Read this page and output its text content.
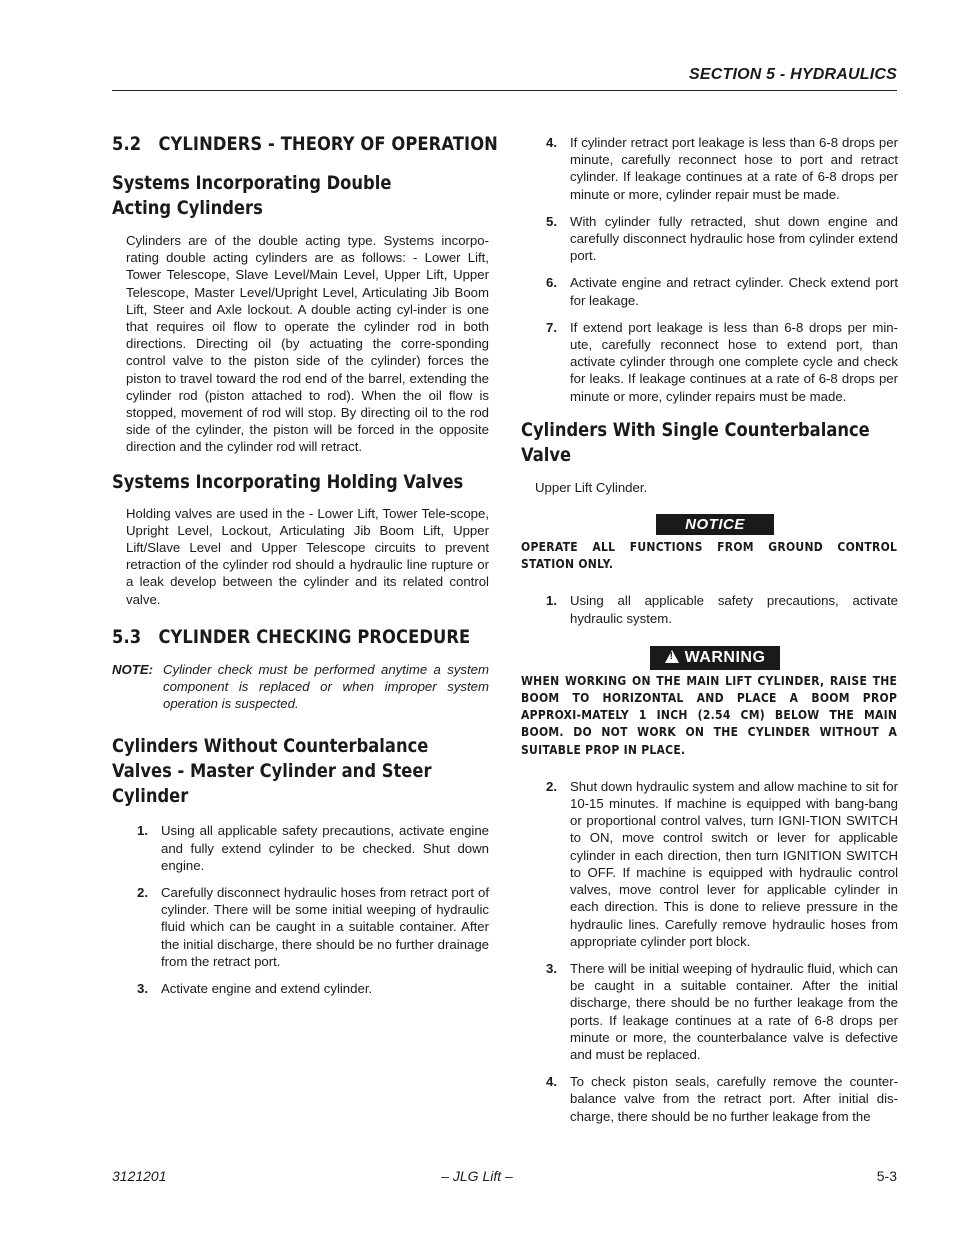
SECTION 5 - HYDRAULICS
5.2 CYLINDERS - THEORY OF OPERATION
Systems Incorporating Double Acting Cylinders

Cylinders are of the double acting type. Systems incorpo-rating double acting cylinders are as follows: - Lower Lift, Tower Telescope, Slave Level/Main Level, Upper Lift, Upper Telescope, Master Level/Upright Level, Articulating Jib Boom Lift, Steer and Axle lockout. A double acting cyl-inder is one that requires oil flow to operate the cylinder rod in both directions. Directing oil (by actuating the corre-sponding control valve to the piston side of the cylinder) forces the piston to travel toward the rod end of the barrel, extending the cylinder rod (piston attached to rod). When the oil flow is stopped, movement of rod will stop. By directing oil to the rod side of the cylinder, the piston will be forced in the opposite direction and the cylinder rod will retract.

Systems Incorporating Holding Valves

Holding valves are used in the - Lower Lift, Tower Tele-scope, Upright Level, Lockout, Articulating Jib Boom Lift, Upper Lift/Slave Level and Upper Telescope circuits to prevent retraction of the cylinder rod should a hydraulic line rupture or a leak develop between the cylinder and its related control valve.

5.3 CYLINDER CHECKING PROCEDURE
NOTE: Cylinder check must be performed anytime a system component is replaced or when improper system operation is suspected.
Cylinders Without Counterbalance Valves - Master Cylinder and Steer Cylinder
1. Using all applicable safety precautions, activate engine and fully extend cylinder to be checked. Shut down engine.
2. Carefully disconnect hydraulic hoses from retract port of cylinder. There will be some initial weeping of hydraulic fluid which can be caught in a suitable container. After the initial discharge, there should be no further drainage from the retract port.
3. Activate engine and extend cylinder.
4. If cylinder retract port leakage is less than 6-8 drops per minute, carefully reconnect hose to port and retract cylinder. If leakage continues at a rate of 6-8 drops per minute or more, cylinder repair must be made.
5. With cylinder fully retracted, shut down engine and carefully disconnect hydraulic hose from cylinder extend port.
6. Activate engine and retract cylinder. Check extend port for leakage.
7. If extend port leakage is less than 6-8 drops per min-ute, carefully reconnect hose to extend port, than activate cylinder through one complete cycle and check for leaks. If leakage continues at a rate of 6-8 drops per minute or more, cylinder repairs must be made.
Cylinders With Single Counterbalance Valve

Upper Lift Cylinder.

NOTICE

OPERATE ALL FUNCTIONS FROM GROUND CONTROL STATION ONLY.

1. Using all applicable safety precautions, activate hydraulic system.
!WARNING

WHEN WORKING ON THE MAIN LIFT CYLINDER, RAISE THE BOOM TO HORIZONTAL AND PLACE A BOOM PROP APPROXI-MATELY 1 INCH (2.54 CM) BELOW THE MAIN BOOM. DO NOT WORK ON THE CYLINDER WITHOUT A SUITABLE PROP IN PLACE.

2. Shut down hydraulic system and allow machine to sit for 10-15 minutes. If machine is equipped with bang-bang or proportional control valves, turn IGNI-TION SWITCH to ON, move control switch or lever for applicable cylinder in each direction, then turn IGNITION SWITCH to OFF. If machine is equipped with hydraulic control valves, move control lever for applicable cylinder in each direction. This is done to relieve pressure in the hydraulic lines. Carefully remove hydraulic hoses from appropriate cylinder port block.
3. There will be initial weeping of hydraulic fluid, which can be caught in a suitable container. After the initial discharge, there should be no further leakage from the ports. If leakage continues at a rate of 6-8 drops per minute or more, the counterbalance valve is defective and must be replaced.
4. To check piston seals, carefully remove the counter-balance valve from the retract port. After initial dis-charge, there should be no further leakage from the
– JLG Lift –
3121201	5-3
